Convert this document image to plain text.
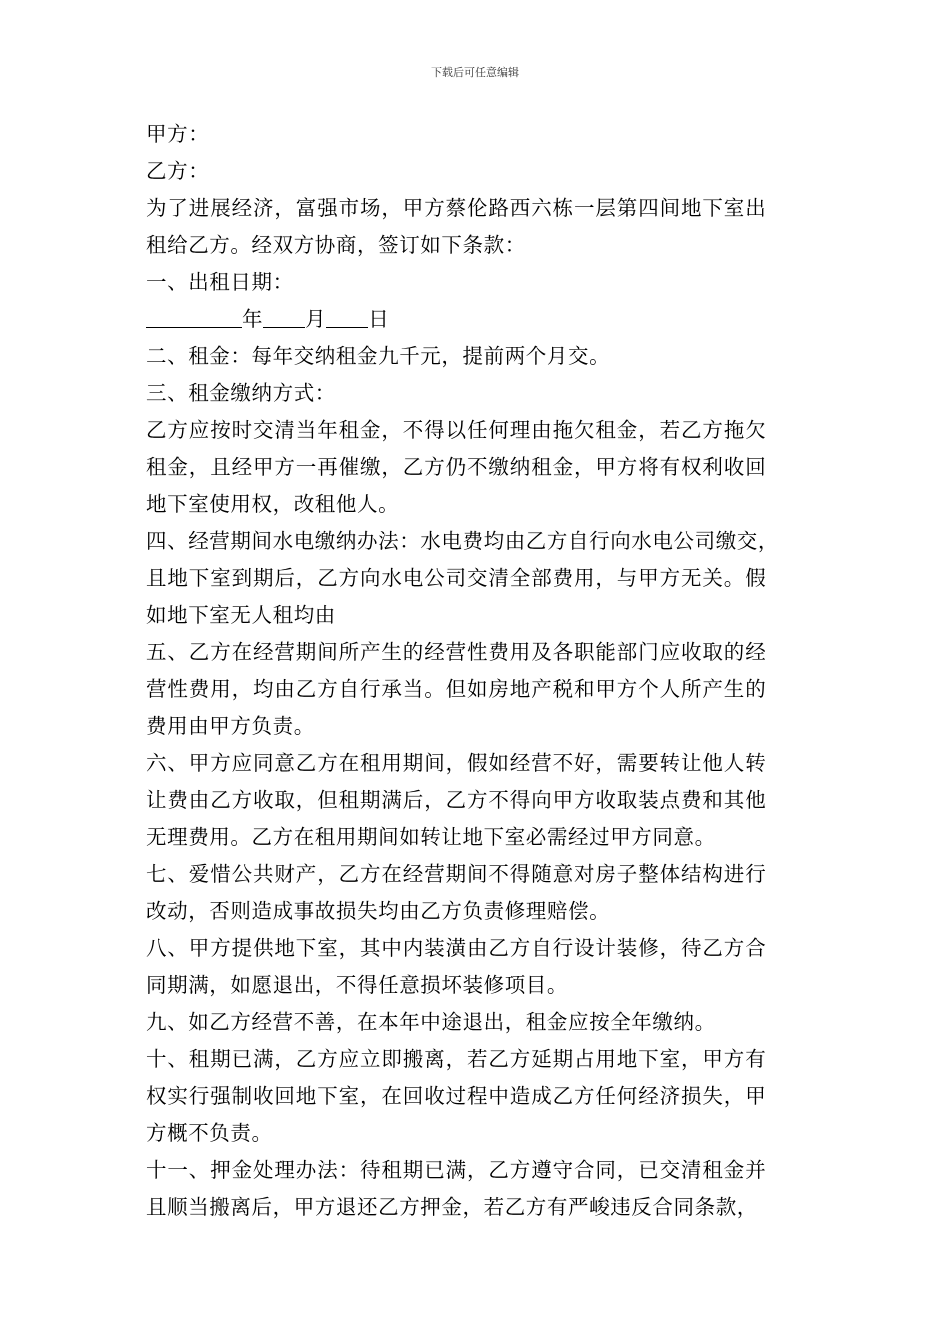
下载后可任意编辑
甲方：
乙方：
为了进展经济，富强市场，甲方蔡伦路西六栋一层第四间地下室出
租给乙方。经双方协商，签订如下条款：
一、出租日期：
年 月 日
二、租金：每年交纳租金九千元，提前两个月交。
三、租金缴纳方式：
乙方应按时交清当年租金，不得以任何理由拖欠租金，若乙方拖欠
租金，且经甲方一再催缴，乙方仍不缴纳租金，甲方将有权利收回
地下室使用权，改租他人。
四、经营期间水电缴纳办法：水电费均由乙方自行向水电公司缴交，
且地下室到期后，乙方向水电公司交清全部费用，与甲方无关。假
如地下室无人租均由
五、乙方在经营期间所产生的经营性费用及各职能部门应收取的经
营性费用，均由乙方自行承当。但如房地产税和甲方个人所产生的
费用由甲方负责。
六、甲方应同意乙方在租用期间，假如经营不好，需要转让他人转
让费由乙方收取，但租期满后，乙方不得向甲方收取装点费和其他
无理费用。乙方在租用期间如转让地下室必需经过甲方同意。
七、爱惜公共财产，乙方在经营期间不得随意对房子整体结构进行
改动，否则造成事故损失均由乙方负责修理赔偿。
八、甲方提供地下室，其中内装潢由乙方自行设计装修，待乙方合
同期满，如愿退出，不得任意损坏装修项目。
九、如乙方经营不善，在本年中途退出，租金应按全年缴纳。
十、租期已满，乙方应立即搬离，若乙方延期占用地下室，甲方有
权实行强制收回地下室，在回收过程中造成乙方任何经济损失，甲
方概不负责。
十一、押金处理办法：待租期已满，乙方遵守合同，已交清租金并
且顺当搬离后，甲方退还乙方押金，若乙方有严峻违反合同条款，
